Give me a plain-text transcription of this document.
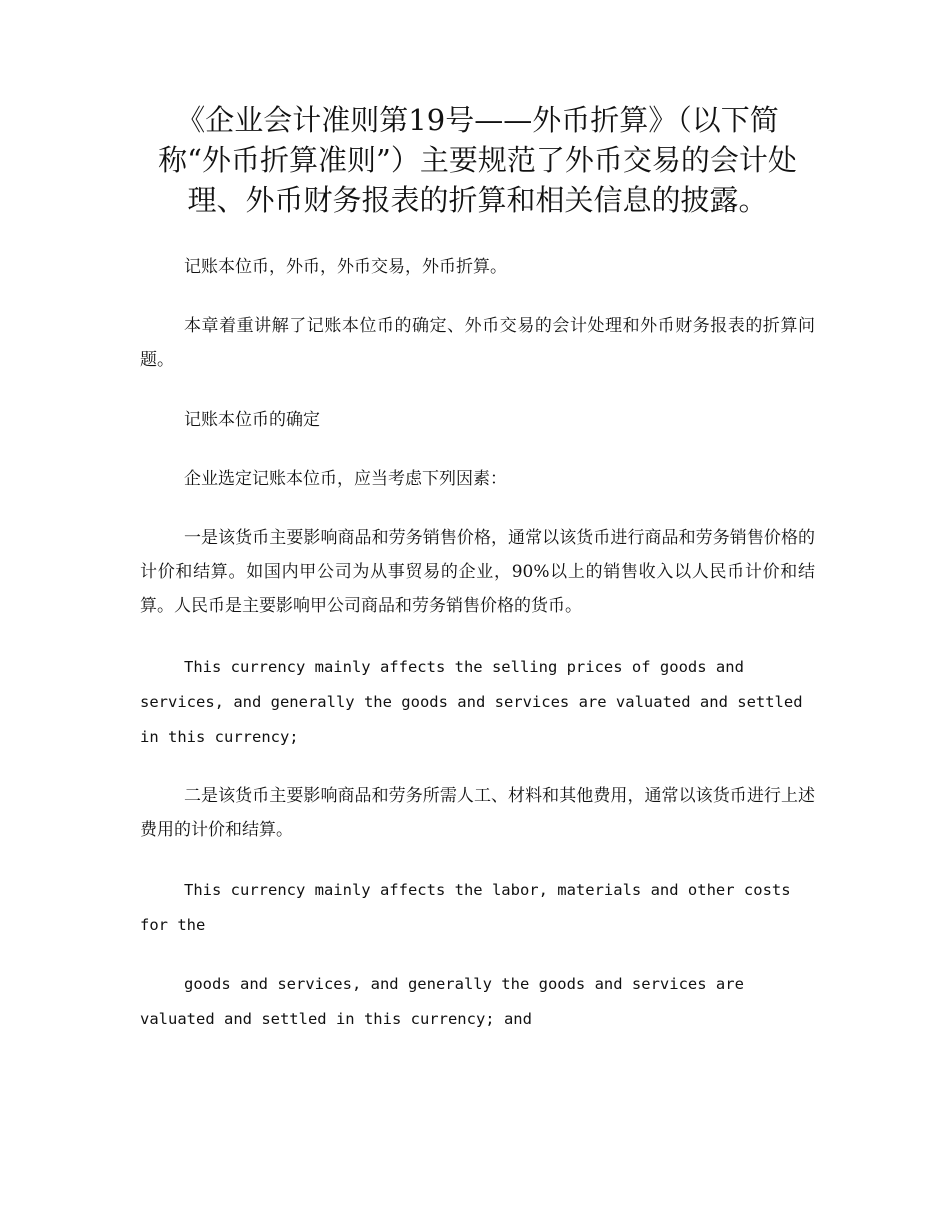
《企业会计准则第19号——外币折算》（以下简称“外币折算准则”）主要规范了外币交易的会计处理、外币财务报表的折算和相关信息的披露。

记账本位币，外币，外币交易，外币折算。

本章着重讲解了记账本位币的确定、外币交易的会计处理和外币财务报表的折算问题。

记账本位币的确定

企业选定记账本位币，应当考虑下列因素：

一是该货币主要影响商品和劳务销售价格，通常以该货币进行商品和劳务销售价格的计价和结算。如国内甲公司为从事贸易的企业，90%以上的销售收入以人民币计价和结算。人民币是主要影响甲公司商品和劳务销售价格的货币。

This currency mainly affects the selling prices of goods and services, and generally the goods and services are valuated and settled in this currency;

二是该货币主要影响商品和劳务所需人工、材料和其他费用，通常以该货币进行上述费用的计价和结算。

This currency mainly affects the labor, materials and other costs for the

goods and services, and generally the goods and services are valuated and settled in this currency; and
